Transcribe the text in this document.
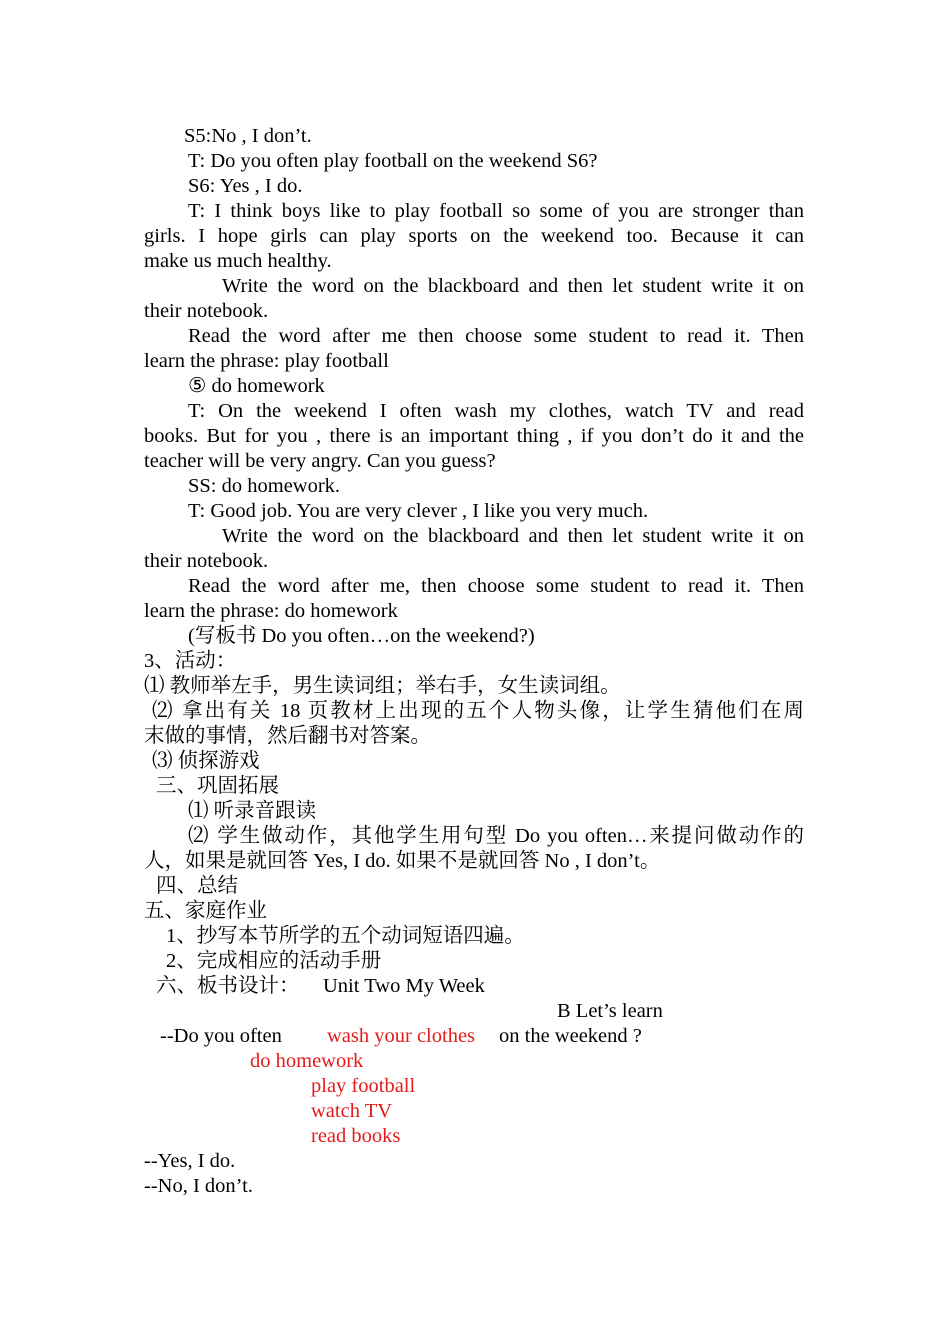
S5:No , I don’t.
T: Do you often play football on the weekend S6?
S6: Yes , I do.
T: I think boys like to play football so some of you are stronger than
girls. I hope girls can play sports on the weekend too. Because it can
make us much healthy.
Write the word on the blackboard and then let student write it on
their notebook.
Read the word after me then choose some student to read it. Then
learn the phrase: play football
⑤ do homework
T: On the weekend I often wash my clothes, watch TV and read
books. But for you , there is an important thing , if you don’t do it and the
teacher will be very angry. Can you guess?
SS: do homework.
T: Good job. You are very clever , I like you very much.
Write the word on the blackboard and then let student write it on
their notebook.
Read the word after me, then choose some student to read it. Then
learn the phrase: do homework
(写板书 Do you often…on the weekend?)
3、活动：
⑴ 教师举左手，男生读词组；举右手，女生读词组。
⑵ 拿出有关 18 页教材上出现的五个人物头像，让学生猜他们在周
末做的事情，然后翻书对答案。
⑶ 侦探游戏
三、巩固拓展
⑴ 听录音跟读
⑵ 学生做动作，其他学生用句型 Do you often…来提问做动作的
人，如果是就回答 Yes, I do. 如果不是就回答 No , I don’t。
四、总结
五、家庭作业
1、抄写本节所学的五个动词短语四遍。
2、完成相应的活动手册
六、板书设计： Unit Two My Week
B Let’s learn
--Do you often wash your clothes on the weekend ?
do homework
play football
watch TV
read books
--Yes, I do.
--No, I don’t.
